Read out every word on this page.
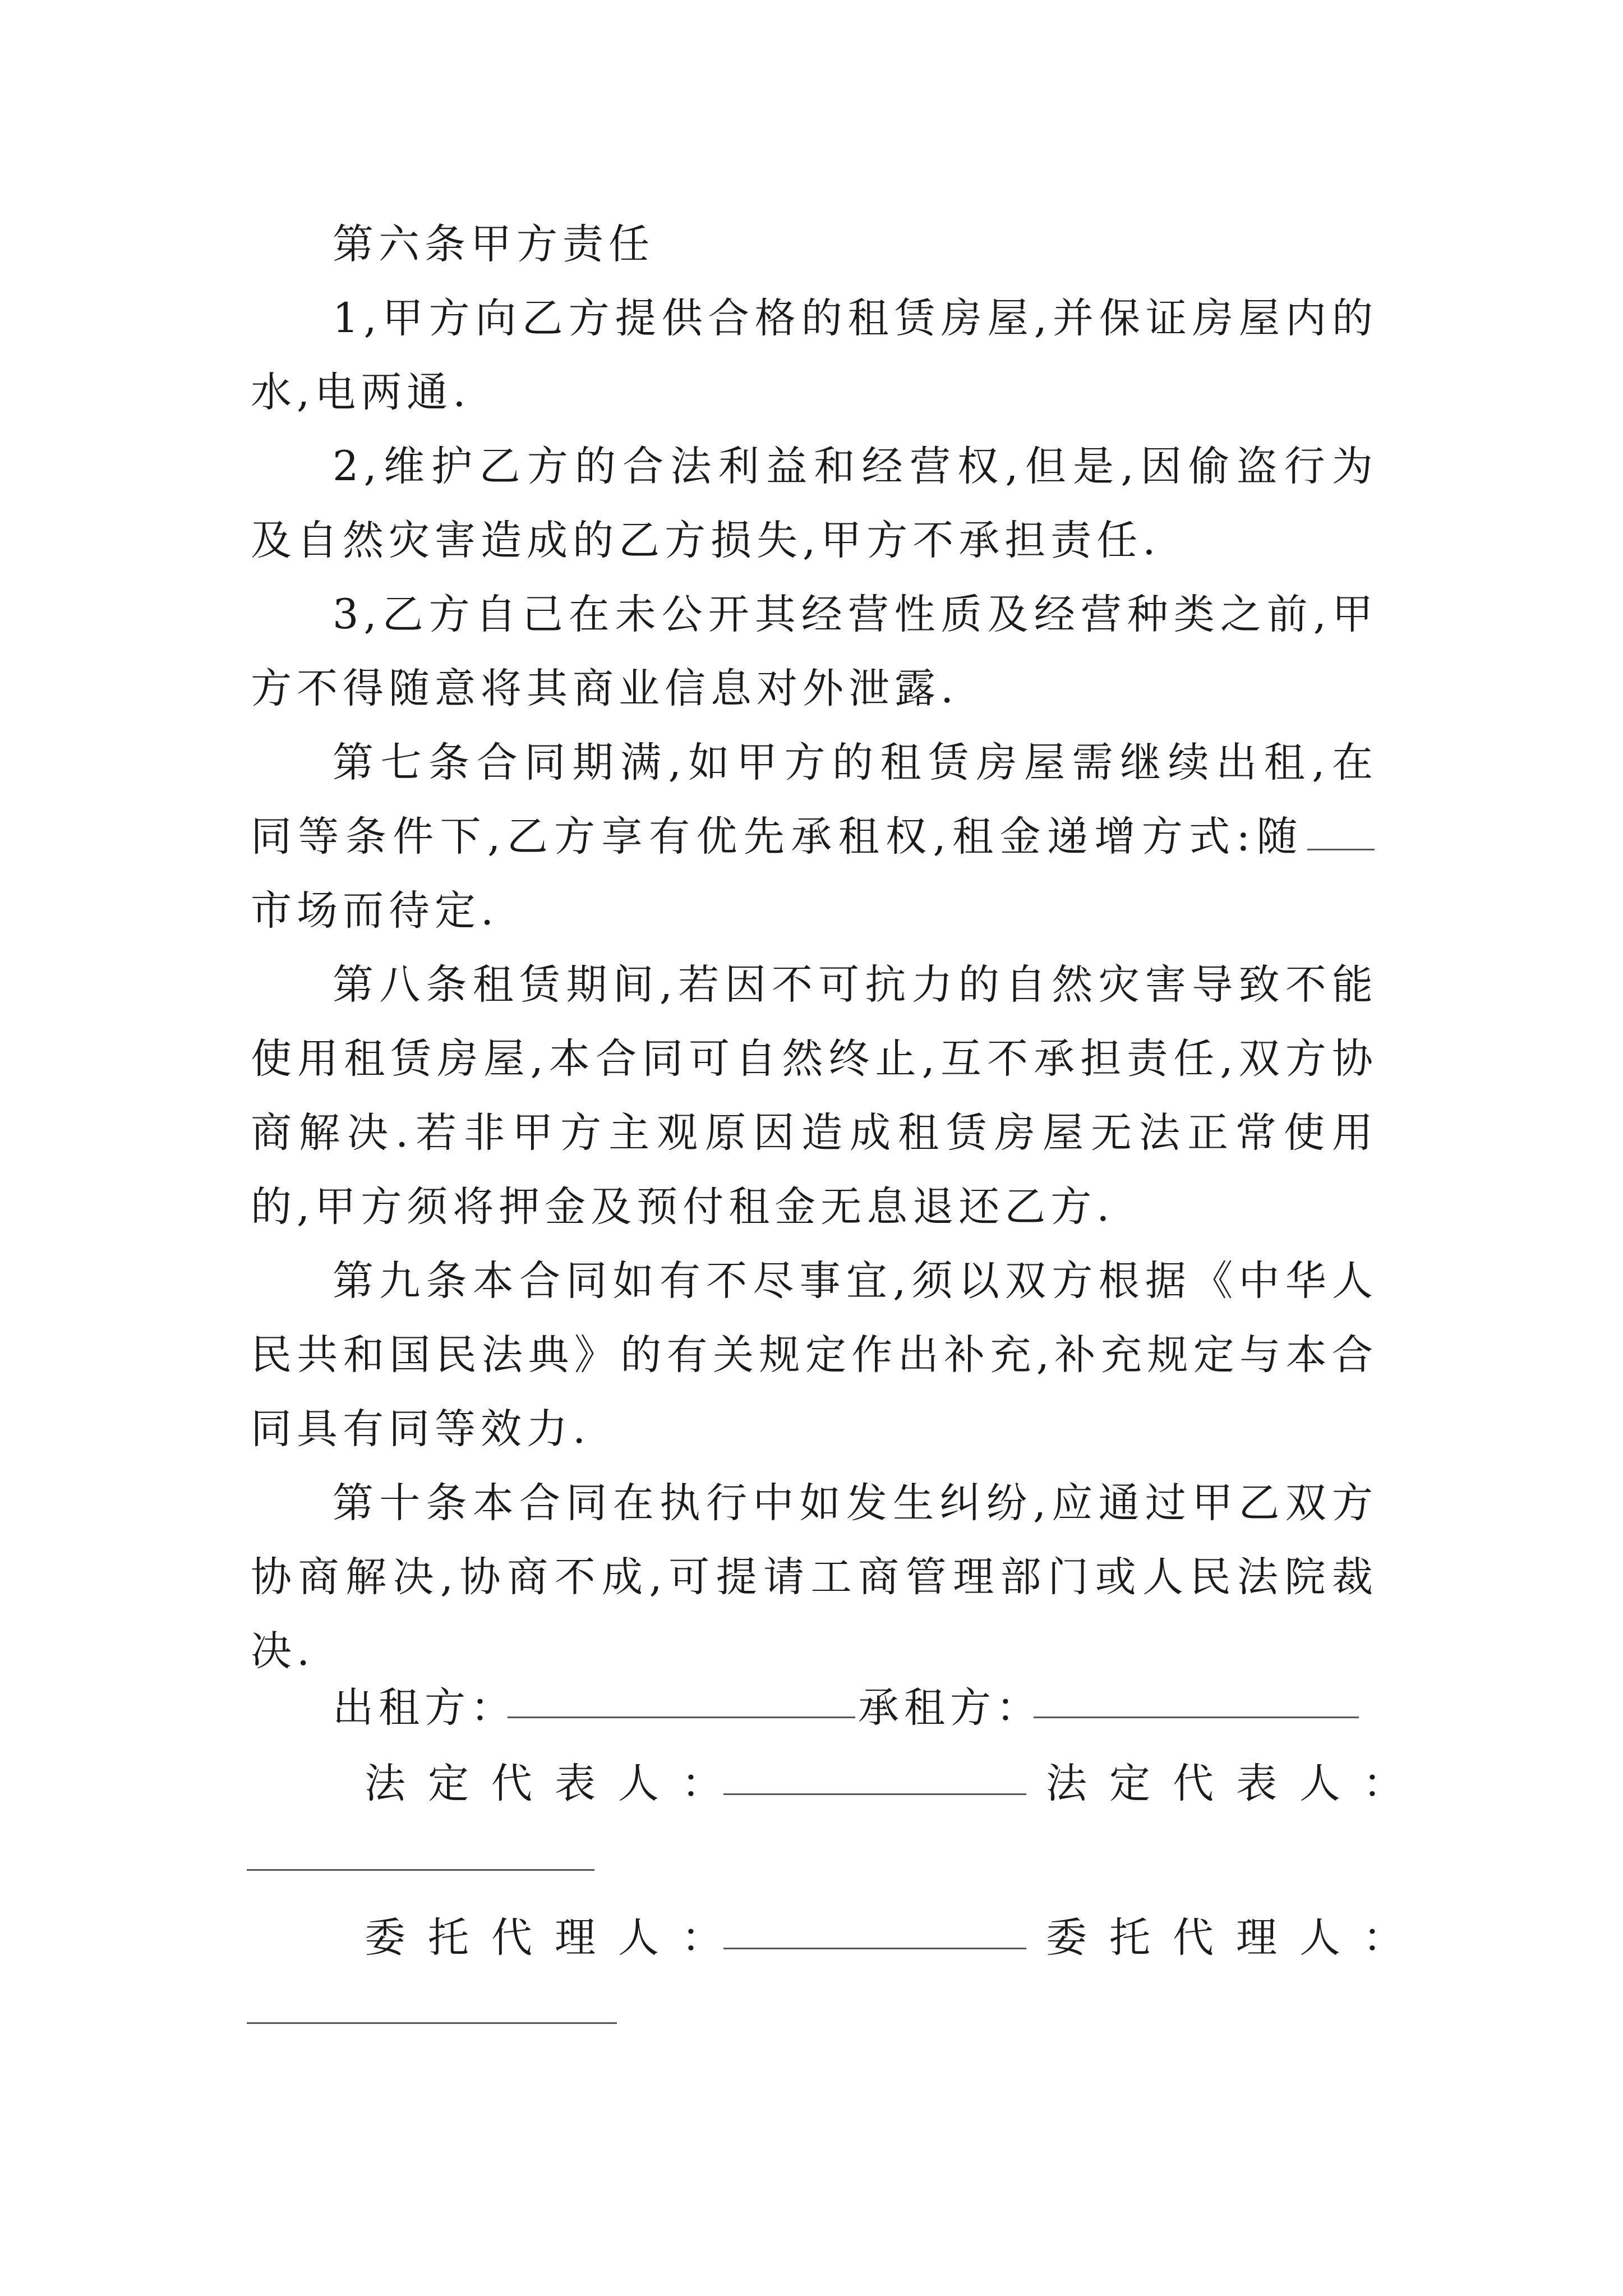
第六条甲方责任

1,甲方向乙方提供合格的租赁房屋,并保证房屋内的水,电两通.

2,维护乙方的合法利益和经营权,但是,因偷盗行为及自然灾害造成的乙方损失,甲方不承担责任.

3,乙方自己在未公开其经营性质及经营种类之前,甲方不得随意将其商业信息对外泄露.

第七条合同期满,如甲方的租赁房屋需继续出租,在同等条件下,乙方享有优先承租权,租金递增方式:随市场而待定.

第八条租赁期间,若因不可抗力的自然灾害导致不能使用租赁房屋,本合同可自然终止,互不承担责任,双方协商解决.若非甲方主观原因造成租赁房屋无法正常使用的,甲方须将押金及预付租金无息退还乙方.

第九条本合同如有不尽事宜,须以双方根据《中华人民共和国民法典》的有关规定作出补充,补充规定与本合同具有同等效力.

第十条本合同在执行中如发生纠纷,应通过甲乙双方协商解决,协商不成,可提请工商管理部门或人民法院裁决.

出租方：	承租方：
法定代表人：	法定代表人：
委托代理人：	委托代理人：
